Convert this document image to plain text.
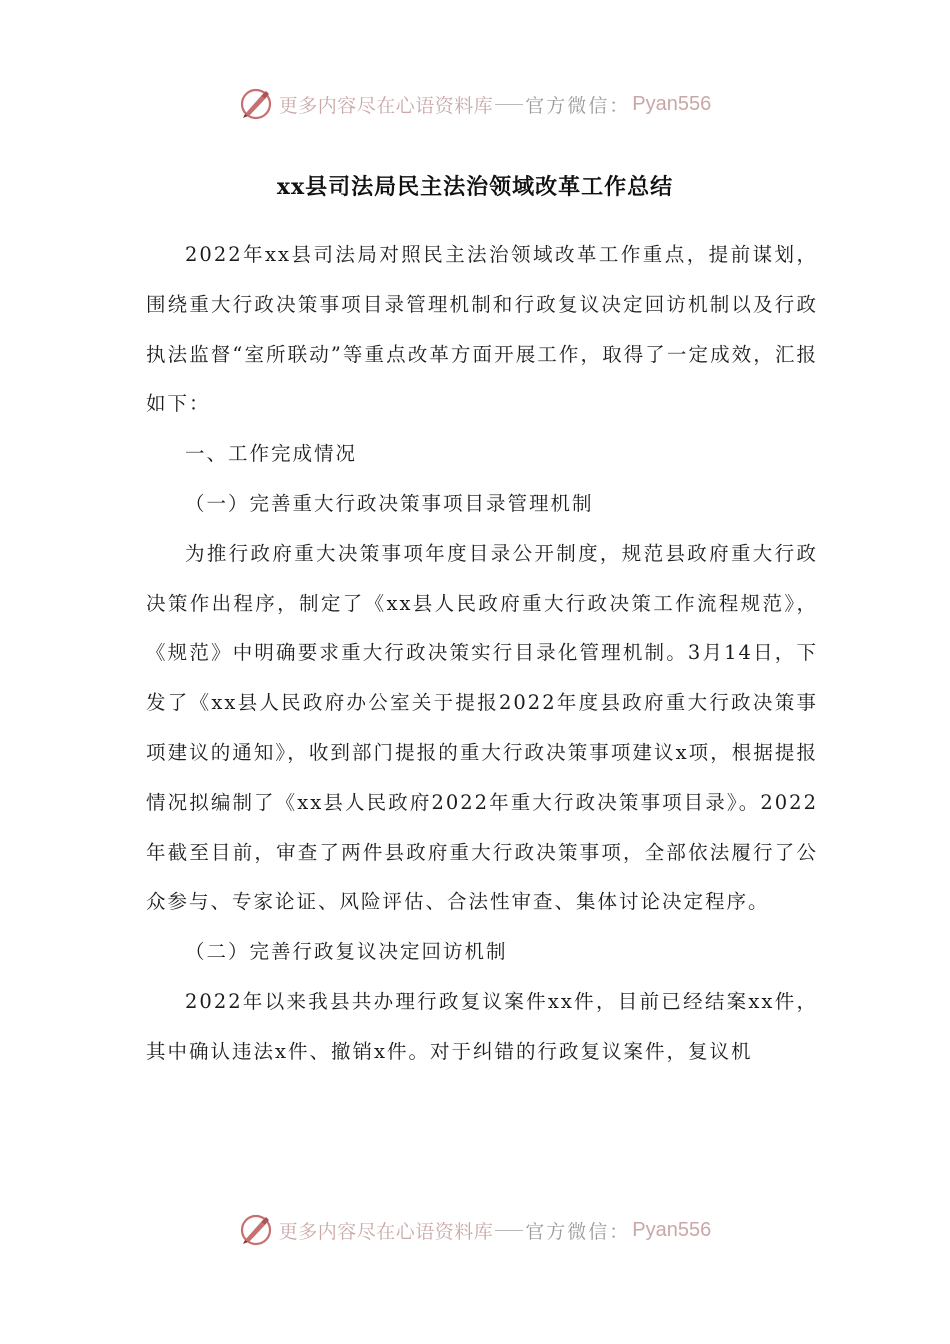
更多内容尽在心语资料库 官方微信： Pyan556
xx县司法局民主法治领域改革工作总结

2022年xx县司法局对照民主法治领域改革工作重点，提前谋划，围绕重大行政决策事项目录管理机制和行政复议决定回访机制以及行政执法监督“室所联动”等重点改革方面开展工作，取得了一定成效，汇报如下：

一、工作完成情况

（一）完善重大行政决策事项目录管理机制

为推行政府重大决策事项年度目录公开制度，规范县政府重大行政决策作出程序，制定了《xx县人民政府重大行政决策工作流程规范》，《规范》中明确要求重大行政决策实行目录化管理机制。3月14日，下发了《xx县人民政府办公室关于提报2022年度县政府重大行政决策事项建议的通知》，收到部门提报的重大行政决策事项建议x项，根据提报情况拟编制了《xx县人民政府2022年重大行政决策事项目录》。2022年截至目前，审查了两件县政府重大行政决策事项，全部依法履行了公众参与、专家论证、风险评估、合法性审查、集体讨论决定程序。

（二）完善行政复议决定回访机制

2022年以来我县共办理行政复议案件xx件，目前已经结案xx件，其中确认违法x件、撤销x件。对于纠错的行政复议案件，复议机

更多内容尽在心语资料库 官方微信： Pyan556
